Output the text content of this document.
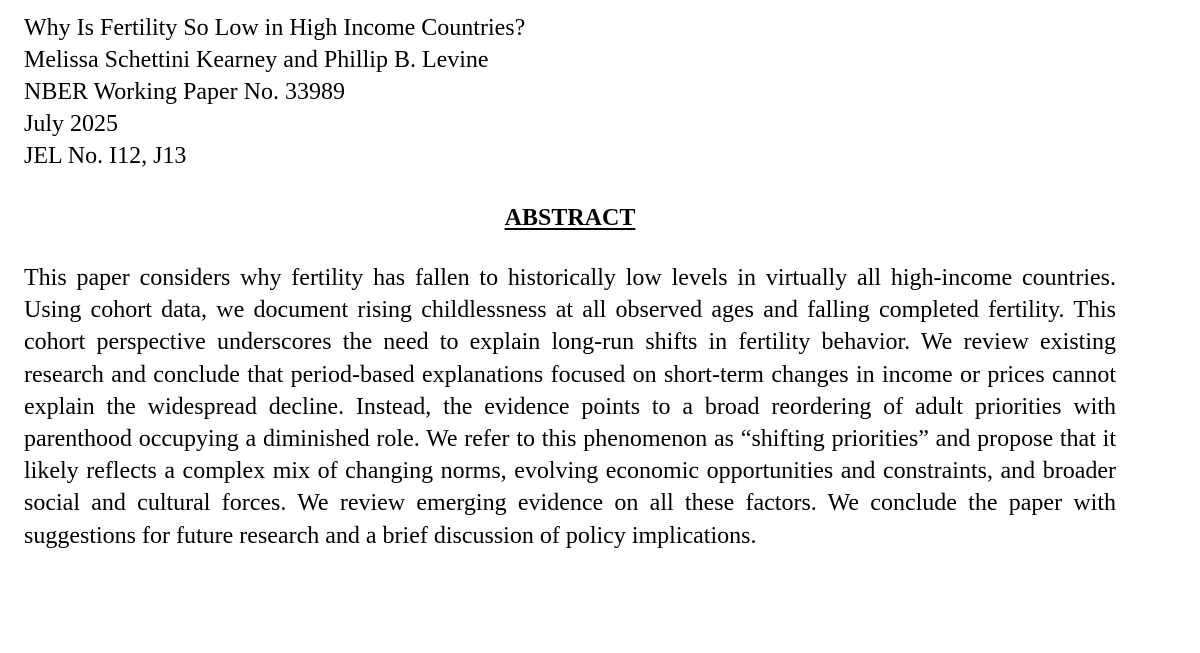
Why Is Fertility So Low in High Income Countries?
Melissa Schettini Kearney and Phillip B. Levine
NBER Working Paper No. 33989
July 2025
JEL No. I12, J13
ABSTRACT

This paper considers why fertility has fallen to historically low levels in virtually all high-income countries. Using cohort data, we document rising childlessness at all observed ages and falling completed fertility. This cohort perspective underscores the need to explain long-run shifts in fertility behavior. We review existing research and conclude that period-based explanations focused on short-term changes in income or prices cannot explain the widespread decline. Instead, the evidence points to a broad reordering of adult priorities with parenthood occupying a diminished role. We refer to this phenomenon as “shifting priorities” and propose that it likely reflects a complex mix of changing norms, evolving economic opportunities and constraints, and broader social and cultural forces. We review emerging evidence on all these factors. We conclude the paper with suggestions for future research and a brief discussion of policy implications.
